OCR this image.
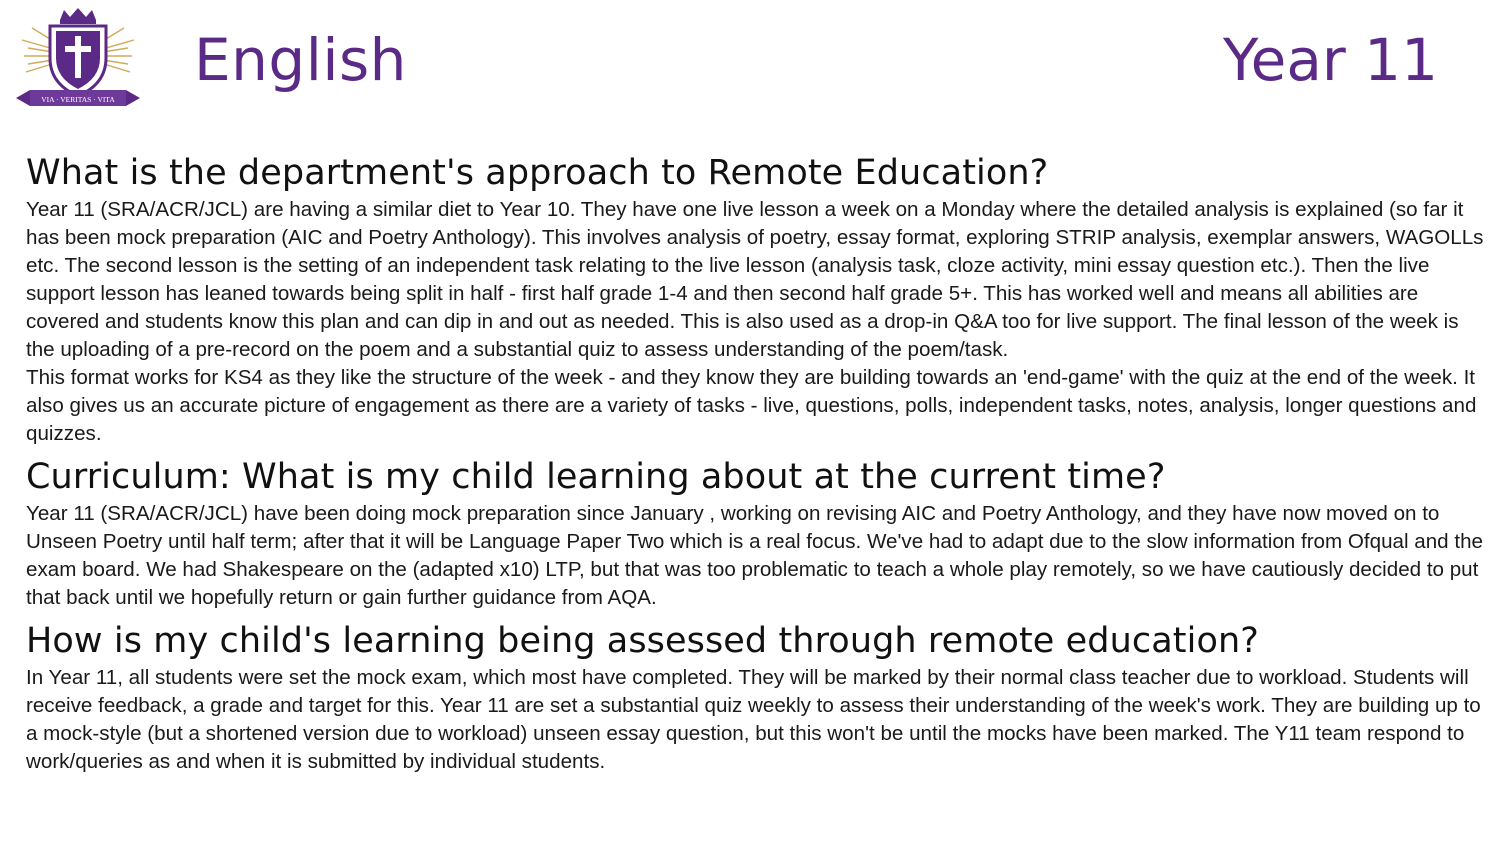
VIA · VERITAS · VITA
English	Year 11
What is the department's approach to Remote Education?

Year 11 (SRA/ACR/JCL) are having a similar diet to Year 10. They have one live lesson a week on a Monday where the detailed analysis is explained (so far it has been mock preparation (AIC and Poetry Anthology). This involves analysis of poetry, essay format, exploring STRIP analysis, exemplar answers, WAGOLLs etc. The second lesson is the setting of an independent task relating to the live lesson (analysis task, cloze activity, mini essay question etc.). Then the live support lesson has leaned towards being split in half - first half grade 1-4 and then second half grade 5+. This has worked well and means all abilities are covered and students know this plan and can dip in and out as needed. This is also used as a drop-in Q&A too for live support. The final lesson of the week is the uploading of a pre-record on the poem and a substantial quiz to assess understanding of the poem/task.

This format works for KS4 as they like the structure of the week - and they know they are building towards an 'end-game' with the quiz at the end of the week. It also gives us an accurate picture of engagement as there are a variety of tasks - live, questions, polls, independent tasks, notes, analysis, longer questions and quizzes.

Curriculum: What is my child learning about at the current time?

Year 11 (SRA/ACR/JCL) have been doing mock preparation since January , working on revising AIC and Poetry Anthology, and they have now moved on to Unseen Poetry until half term; after that it will be Language Paper Two which is a real focus. We've had to adapt due to the slow information from Ofqual and the exam board. We had Shakespeare on the (adapted x10) LTP, but that was too problematic to teach a whole play remotely, so we have cautiously decided to put that back until we hopefully return or gain further guidance from AQA.

How is my child's learning being assessed through remote education?

In Year 11, all students were set the mock exam, which most have completed. They will be marked by their normal class teacher due to workload. Students will receive feedback, a grade and target for this. Year 11 are set a substantial quiz weekly to assess their understanding of the week's work. They are building up to a mock-style (but a shortened version due to workload) unseen essay question, but this won't be until the mocks have been marked. The Y11 team respond to work/queries as and when it is submitted by individual students.
